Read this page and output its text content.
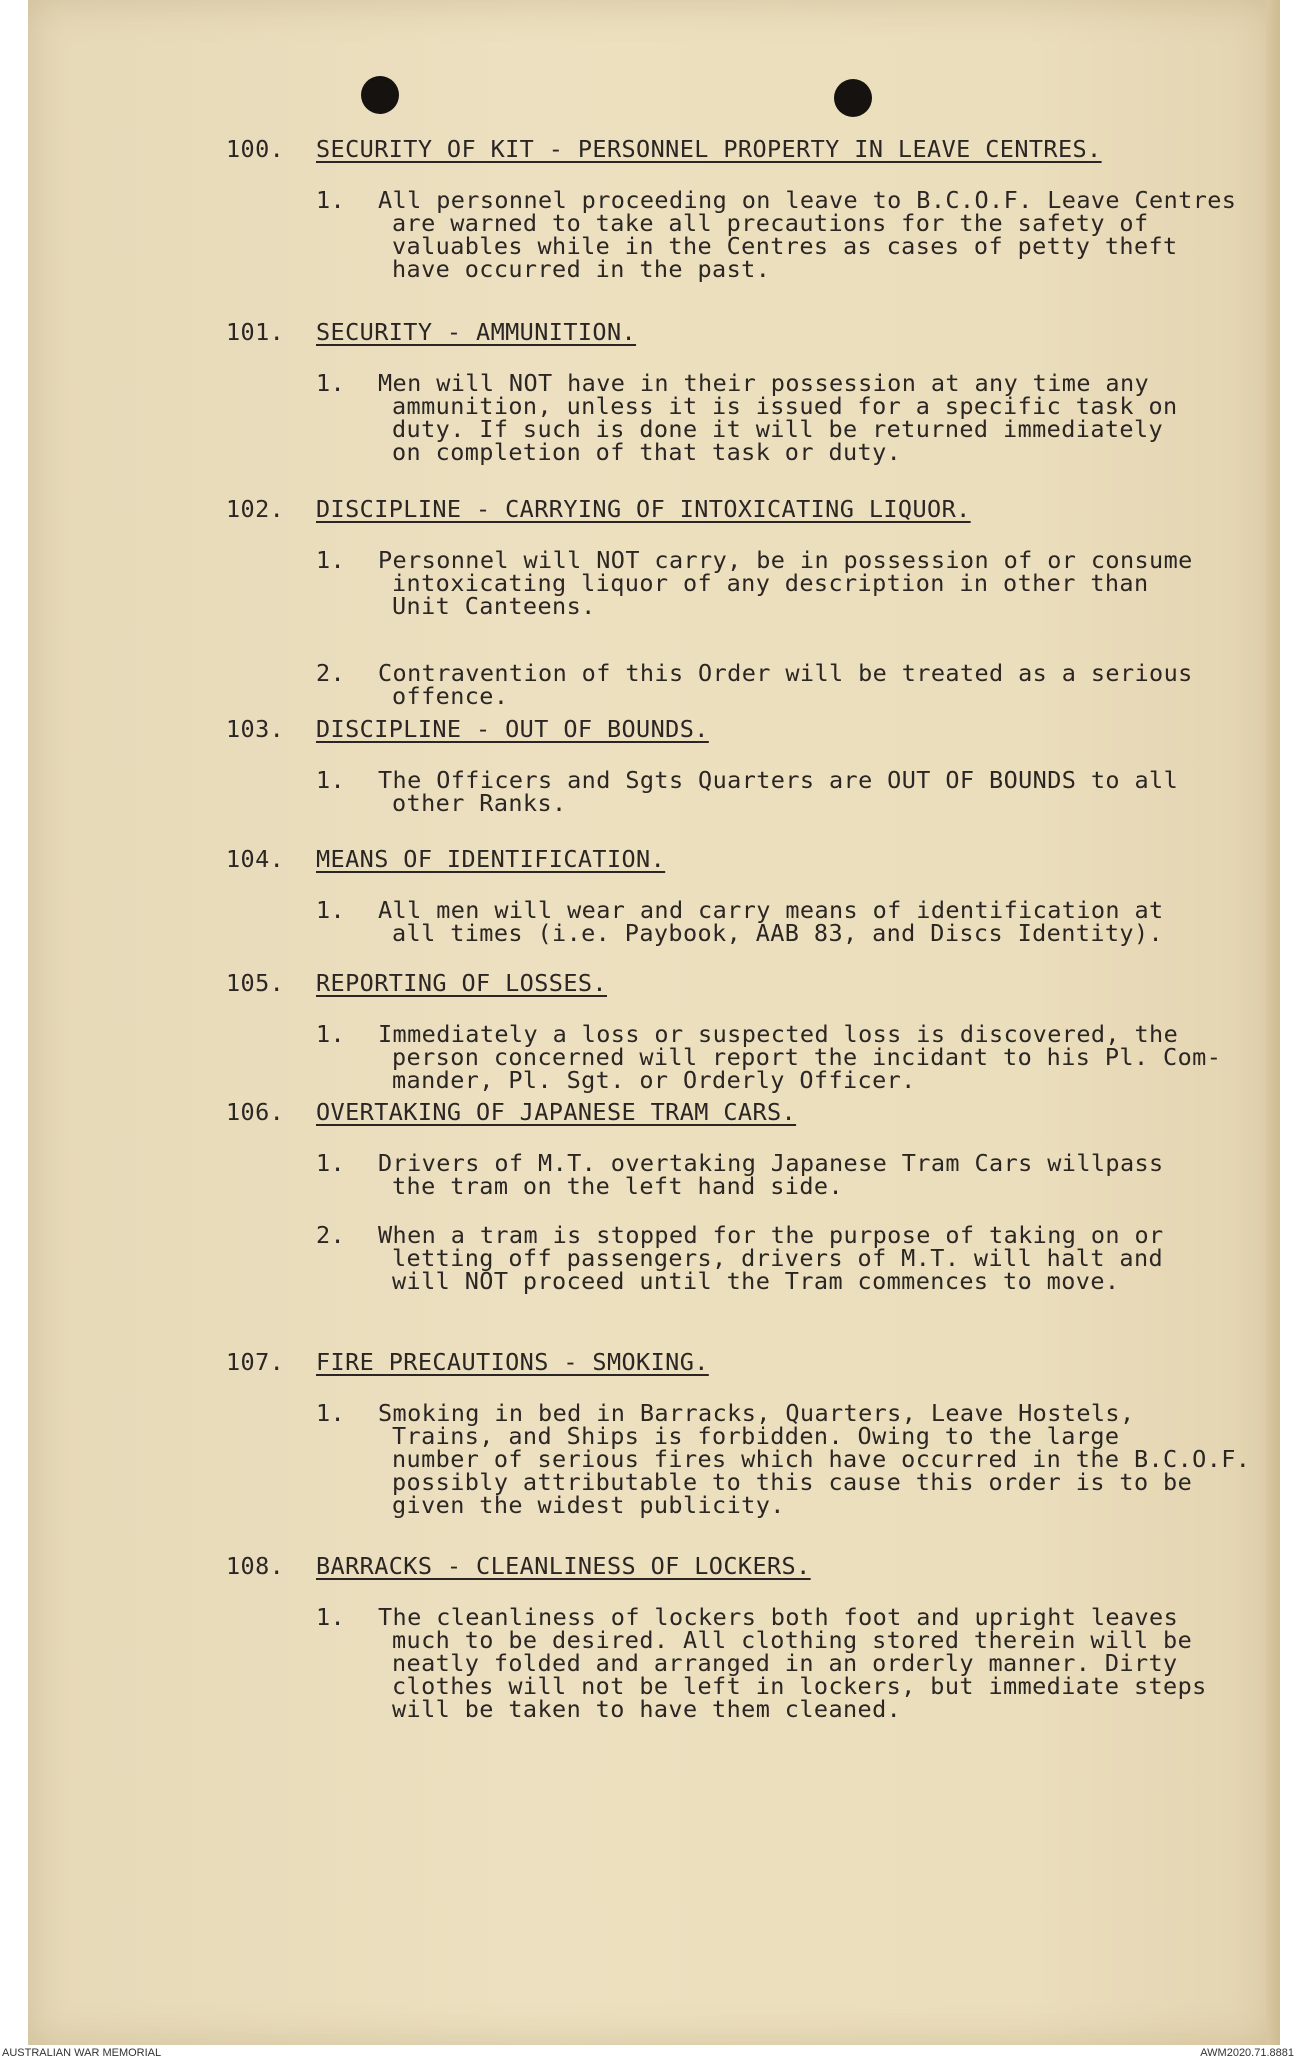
100.	SECURITY OF KIT - PERSONNEL PROPERTY IN LEAVE CENTRES.
1. All personnel proceeding on leave to B.C.O.F. Leave Centres
are warned to take all precautions for the safety of
valuables while in the Centres as cases of petty theft
have occurred in the past.
101.	SECURITY - AMMUNITION.
1. Men will NOT have in their possession at any time any
ammunition, unless it is issued for a specific task on
duty. If such is done it will be returned immediately
on completion of that task or duty.
102.	DISCIPLINE - CARRYING OF INTOXICATING LIQUOR.
1. Personnel will NOT carry, be in possession of or consume
intoxicating liquor of any description in other than
Unit Canteens.
2. Contravention of this Order will be treated as a serious
offence.
103.	DISCIPLINE - OUT OF BOUNDS.
1. The Officers and Sgts Quarters are OUT OF BOUNDS to all
other Ranks.
104.	MEANS OF IDENTIFICATION.
1. All men will wear and carry means of identification at
all times (i.e. Paybook, AAB 83, and Discs Identity).
105.	REPORTING OF LOSSES.
1. Immediately a loss or suspected loss is discovered, the
person concerned will report the incidant to his Pl. Com-
mander, Pl. Sgt. or Orderly Officer.
106.	OVERTAKING OF JAPANESE TRAM CARS.
1. Drivers of M.T. overtaking Japanese Tram Cars willpass
the tram on the left hand side.
2. When a tram is stopped for the purpose of taking on or
letting off passengers, drivers of M.T. will halt and
will NOT proceed until the Tram commences to move.
107.	FIRE PRECAUTIONS - SMOKING.
1. Smoking in bed in Barracks, Quarters, Leave Hostels,
Trains, and Ships is forbidden. Owing to the large
number of serious fires which have occurred in the B.C.O.F.
possibly attributable to this cause this order is to be
given the widest publicity.
108.	BARRACKS - CLEANLINESS OF LOCKERS.
1. The cleanliness of lockers both foot and upright leaves
much to be desired. All clothing stored therein will be
neatly folded and arranged in an orderly manner. Dirty
clothes will not be left in lockers, but immediate steps
will be taken to have them cleaned.
AUSTRALIAN WAR MEMORIAL	AWM2020.71.8881
